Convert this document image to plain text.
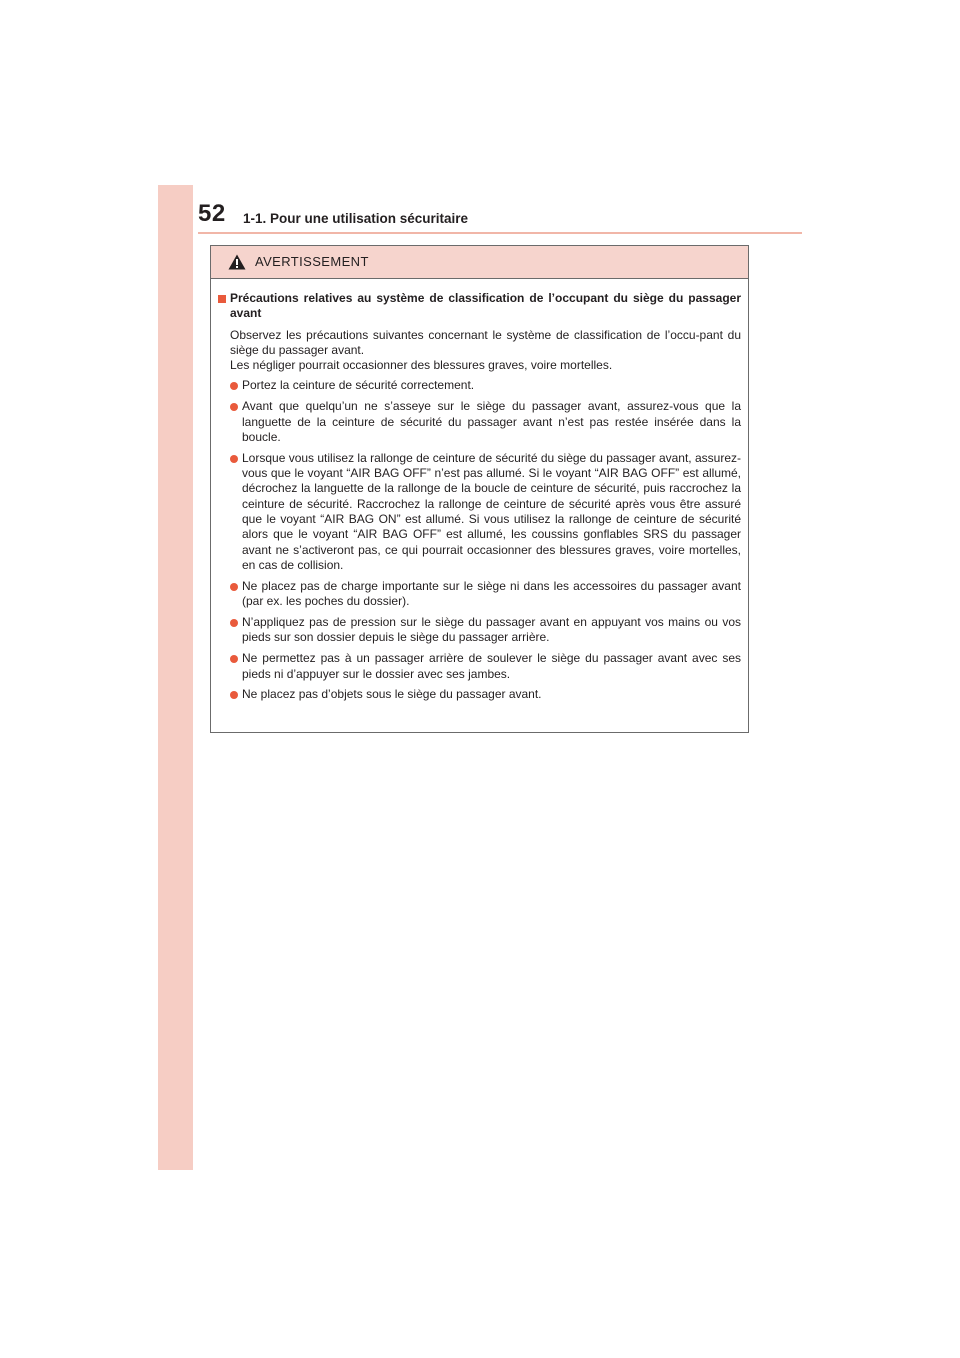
52 1-1. Pour une utilisation sécuritaire
AVERTISSEMENT
Précautions relatives au système de classification de l’occupant du siège du passager avant

Observez les précautions suivantes concernant le système de classification de l’occu-pant du siège du passager avant.

Les négliger pourrait occasionner des blessures graves, voire mortelles.

Portez la ceinture de sécurité correctement.
Avant que quelqu’un ne s’asseye sur le siège du passager avant, assurez-vous que la languette de la ceinture de sécurité du passager avant n’est pas restée insérée dans la boucle.
Lorsque vous utilisez la rallonge de ceinture de sécurité du siège du passager avant, assurez-vous que le voyant “AIR BAG OFF” n’est pas allumé. Si le voyant “AIR BAG OFF” est allumé, décrochez la languette de la rallonge de la boucle de ceinture de sécurité, puis raccrochez la ceinture de sécurité. Raccrochez la rallonge de ceinture de sécurité après vous être assuré que le voyant “AIR BAG ON” est allumé. Si vous utilisez la rallonge de ceinture de sécurité alors que le voyant “AIR BAG OFF” est allumé, les coussins gonflables SRS du passager avant ne s’activeront pas, ce qui pourrait occasionner des blessures graves, voire mortelles, en cas de collision.
Ne placez pas de charge importante sur le siège ni dans les accessoires du passager avant (par ex. les poches du dossier).
N’appliquez pas de pression sur le siège du passager avant en appuyant vos mains ou vos pieds sur son dossier depuis le siège du passager arrière.
Ne permettez pas à un passager arrière de soulever le siège du passager avant avec ses pieds ni d’appuyer sur le dossier avec ses jambes.
Ne placez pas d’objets sous le siège du passager avant.
